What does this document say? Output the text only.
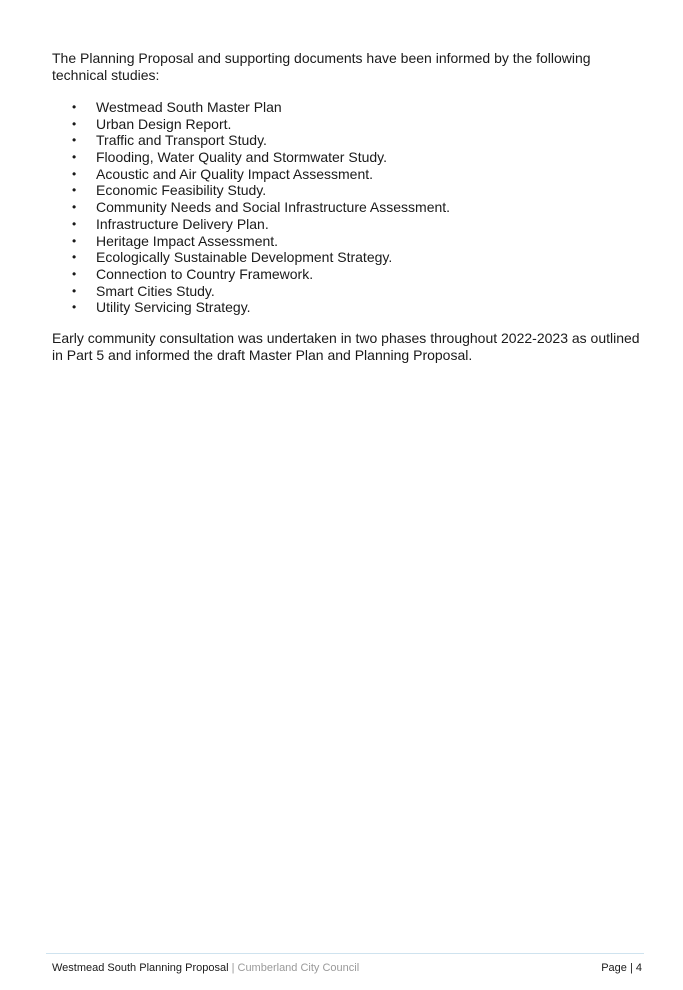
The Planning Proposal and supporting documents have been informed by the following technical studies:

• Westmead South Master Plan
• Urban Design Report.
• Traffic and Transport Study.
• Flooding, Water Quality and Stormwater Study.
• Acoustic and Air Quality Impact Assessment.
• Economic Feasibility Study.
• Community Needs and Social Infrastructure Assessment.
• Infrastructure Delivery Plan.
• Heritage Impact Assessment.
• Ecologically Sustainable Development Strategy.
• Connection to Country Framework.
• Smart Cities Study.
• Utility Servicing Strategy.

Early community consultation was undertaken in two phases throughout 2022-2023 as outlined in Part 5 and informed the draft Master Plan and Planning Proposal.

Westmead South Planning Proposal | Cumberland City Council	Page | 4
